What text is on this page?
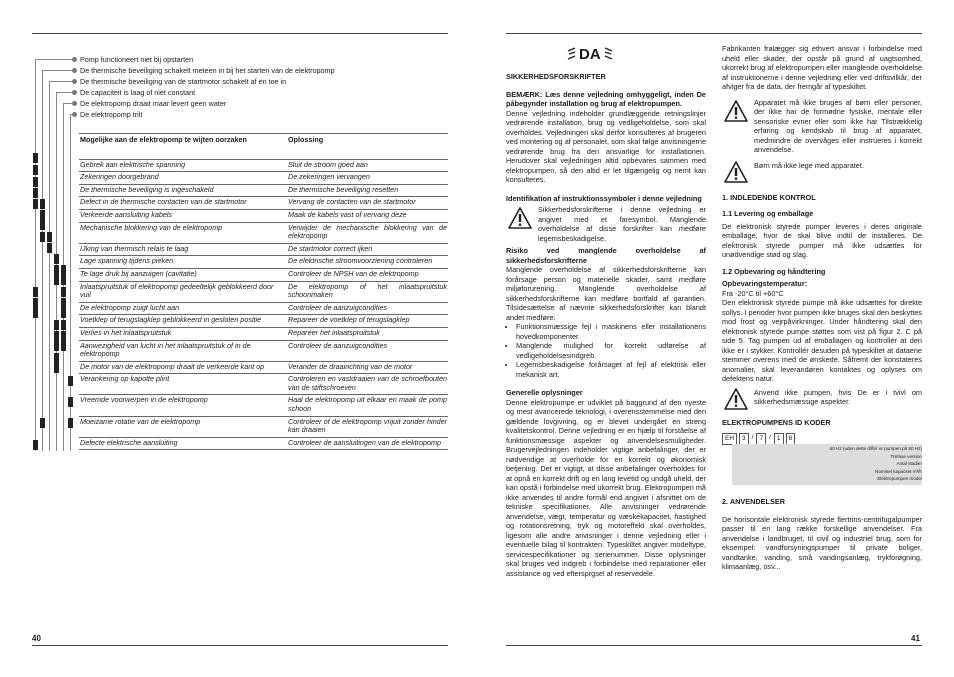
40
Pomp functioneert niet bij opstarten
De thermische beveiliging schakelt meteen in bij het starten van de elektropomp
De thermische beveiliging van de startmotor schakelt af en toe in
De capaciteit is laag of niet constant
De elektropomp draait maar levert geen water
De elektropomp trilt
Mogelijke aan de elektropomp te wijten oorzaken	Oplossing
Gebrek aan elektrische spanning	Sluit de stroom goed aan
Zekeringen doorgebrand	De zekeringen vervangen
De thermische beveiliging is ingeschakeld	De thermische beveiliging resetten
Defect in de thermische contacten van de startmotor	Vervang de contacten van de startmotor
Verkeerde aansluiting kabels	Maak de kabels vast of vervang deze
Mechanische blokkering van de elektropomp	Verwijder de mechanische blokkering van de elektropomp
IJking van thermisch relais te laag	De startmotor correct ijken
Lage spanning tijdens pieken	De elektrische stroomvoorziening controleren
Te lage druk bij aanzuigen (cavitatie)	Controleer de NPSH van de elektropomp
Inlaatspruitstuk of elektropomp gedeeltelijk geblokkeerd door vuil	De elektropomp of het inlaatspruitstuk schoonmaken
De elektropomp zuigt lucht aan	Controleer de aanzuigcondities
Voetklep of terugslagklep geblokkeerd in gesloten positie	Repareer de voetklep of terugslagklep
Verlies in het inlaatspruitstuk	Repareer het inlaatspruitstuk
Aanwezigheid van lucht in het inlaatspruitstuk of in de elektropomp	Controleer de aanzuigcondities
De motor van de elektropomp draait de verkeerde kant op	Verander de draairichting van de motor
Verankering op kapotte plint	Controleren en vastdraaien van de schroefbouten van de stiftschroeven
Vreemde voorwerpen in de elektropomp	Haal de elektropomp uit elkaar en maak de pomp schoon
Moeizame rotatie van de elektropomp	Controleer of de elektropomp vrijuit zonder hinder kan draaien
Defecte elektrische aansluiting	Controleer de aansluitingen van de elektropomp
41
DA

SIKKERHEDSFORSKRIFTER

BEMÆRK: Læs denne vejledning omhyggeligt, inden De påbegynder installation og brug af elektropumpen.

Denne vejledning indeholder grundlæggende retningslinjer vedrørende installation, brug og vedligeholdelse, som skal overholdes. Vejledningen skal derfor konsulteres af brugeren ved montering og af personalet, som skal følge anvisningerne vedrørende brug fra den ansvarlige for installationen. Herudover skal vejledningen altid opbevares sammen med elektropumpen, så den altid er let tilgængelig og nemt kan konsulteres.

Identifikation af instruktionssymboler i denne vejledning

Sikkerhedsforskrifterne i denne vejledning er angivet med et faresymbol. Manglende overholdelse af disse forskrifter kan medføre legemsbeskadigelse.

Risiko ved manglende overholdelse af sikkerhedsforskrifterne

Manglende overholdelse af sikkerhedsforskrifterne kan forårsage person og materielle skader, samt medføre miljøforurening. Manglende overholdelse af sikkerhedsforskrifterne kan medføre bortfald af garantien. Tilsidesættelse af nævnte sikkerhedsforskrifter kan blandt andet medføre:

• Funktionsmæssige fejl i maskinens eller installationens hovedkomponenter.
• Manglende mulighed for korrekt udførelse af vedligeholdelsesindgreb.
• Legemsbeskadigelse forårsaget af fejl af elektrisk eller mekanisk art.

Generelle oplysninger

Denne elektropumpe er udviklet på baggrund af den nyeste og mest avancerede teknologi, i overensstemmelse med den gældende lovgivning, og er blevet undergået en streng kvalitetskontrol. Denne vejledning er en hjælp til forståelse af funktionsmæssige aspekter og anvendelsesmuligheder. Brugervejledningen indeholder vigtige anbefalinger, der er nødvendige at overholde for en korrekt og økonomisk betjening. Det er vigtigt, at disse anbefalinger overholdes for at opnå en korrekt drift og en lang levetid og undgå uheld, der kan opstå i forbindelse med ukorrekt brug. Elektropumpen må ikke anvendes til andre formål end angivet i afsnittet om de tekniske specifikationer. Alle anvisninger vedrørende anvendelse, vægt, temperatur og væskekapacitet, hastighed og rotationsretning, tryk og motoreffekt skal overholdes, ligesom alle andre anvisninger i denne vejledning eller i eventuelle bilag til kontrakten. Typeskiltet angiver modeltype, servicespecifikationer og serienummer. Disse oplysninger skal bruges ved indgreb i forbindelse med reparationer eller assistance og ved eftersprgsel af reservedele.

Fabrikanten fralægger sig ethvert ansvar i forbindelse med uheld eller skader, der opstår på grund af uagtsomhed, ukorrekt brug af elektropumpen eller manglende overholdelse af instruktionerne i denne vejledning eller ved driftsvilkår, der afviger fra de data, der fremgår af typeskiltet.

Apparatet må ikke bruges af børn eller personer, der ikke har de formødne fysiske, mentale eller sensoriske evner eller som ikke har Tilstrækkelig erfaring og kendskab til brug af apparatet, medmindre de overvåges eller instrueres i korrekt anvendelse.

Børn må ikke lege med apparatet.

1. INDLEDENDE KONTROL

1.1 Levering og emballage

De elektronisk styrede pumper leveres i deres originale emballage, hvor de skal blive indtil de installeres. De elektronisk styrede pumper må ikke udsættes for unødvendige stød og slag.

1.2 Opbevaring og håndtering

Opbevaringstemperatur:

Fra -20°C til +60°C

Den elektronisk styrede pumpe må ikke udsættes for direkte sollys. I perioder hvor pumpen ikke bruges skal den beskyttes mod frost og vejrpåvirkninger. Under håndtering skal den elektronisk styrede pumpe støttes som vist på figur 2. C på side 5. Tag pumpen ud af emballagen og kontrollér at den ikke er i stykker. Kontrollér desuden på typeskiltet at dataene stemmer overens med de ønskede. Såfremt der konstateres anomalier, skal leverandøren kontaktes og oplyses om defektens natur.

Anvend ikke pumpen, hvis De er i tvivl om sikkerhedsmæssige aspekter.

ELEKTROPUMPENS ID KODER

EH	3 / 7 / 1	8
60 Hz (uden dette differ er pumpen på 50 Hz)
Trefase version
Antal stadier
Nominel kapacitet m³/h
Elektropumpen model

2. ANVENDELSER

De horisontale elektronisk styrede flertrins-centrifugalpumper passer til en lang række forskellige anvendelser. Fra anvendelse i landbruget, til civil og industriel brug, som for eksempel: vandforsyningspumper til private boliger, vandtanke, vanding, små vandingsanlæg, trykforøgning, klimaanlæg, osv...
